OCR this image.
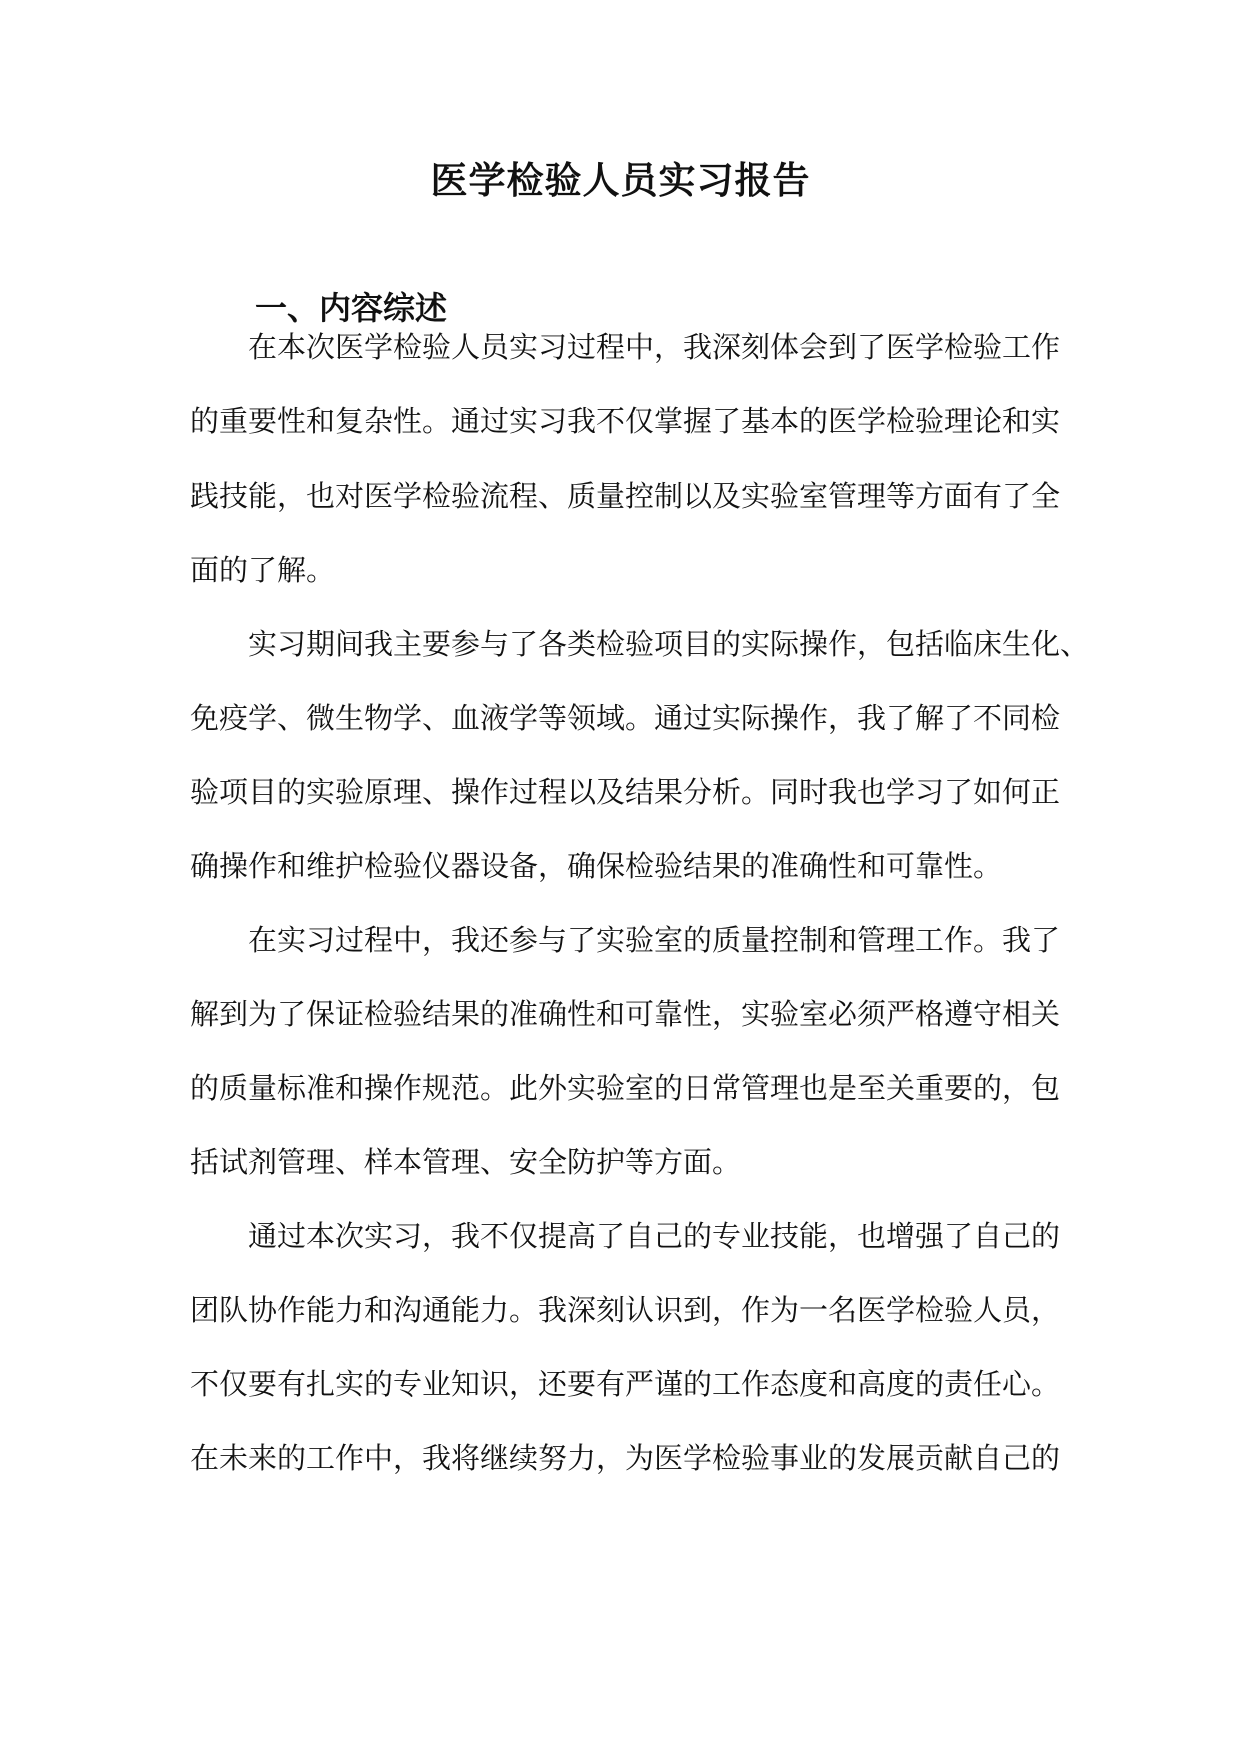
医学检验人员实习报告
一、内容综述
在本次医学检验人员实习过程中，我深刻体会到了医学检验工作
的重要性和复杂性。通过实习我不仅掌握了基本的医学检验理论和实
践技能，也对医学检验流程、质量控制以及实验室管理等方面有了全
面的了解。
实习期间我主要参与了各类检验项目的实际操作，包括临床生化、
免疫学、微生物学、血液学等领域。通过实际操作，我了解了不同检
验项目的实验原理、操作过程以及结果分析。同时我也学习了如何正
确操作和维护检验仪器设备，确保检验结果的准确性和可靠性。
在实习过程中，我还参与了实验室的质量控制和管理工作。我了
解到为了保证检验结果的准确性和可靠性，实验室必须严格遵守相关
的质量标准和操作规范。此外实验室的日常管理也是至关重要的，包
括试剂管理、样本管理、安全防护等方面。
通过本次实习，我不仅提高了自己的专业技能，也增强了自己的
团队协作能力和沟通能力。我深刻认识到，作为一名医学检验人员，
不仅要有扎实的专业知识，还要有严谨的工作态度和高度的责任心。
在未来的工作中，我将继续努力，为医学检验事业的发展贡献自己的
